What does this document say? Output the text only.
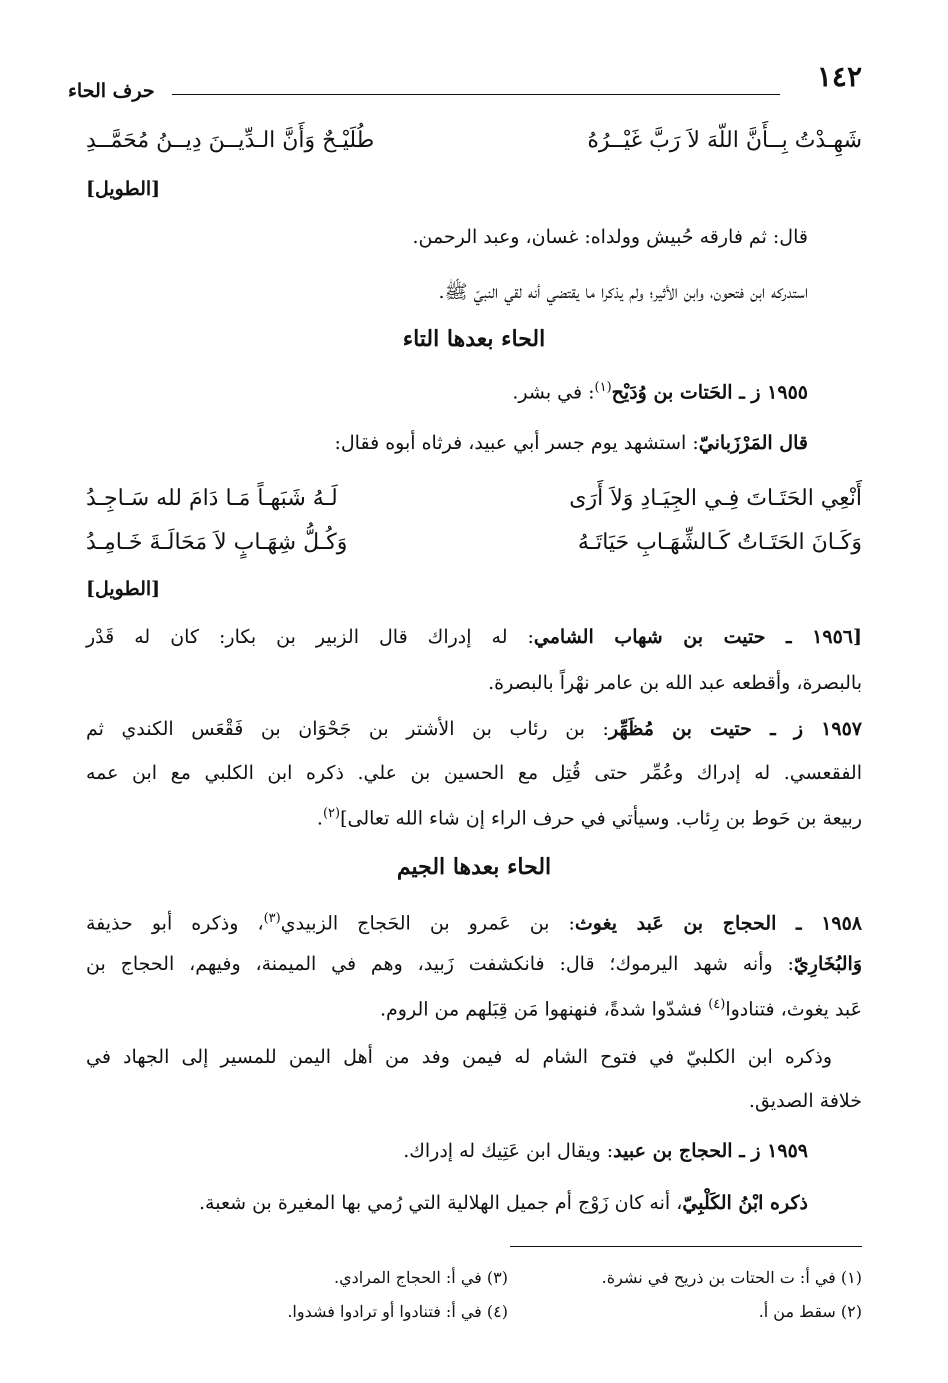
١٤٢
حرف الحاء
شَهِـدْتُ بِــأَنَّ اللّهَ لاَ رَبَّ غَيْــرُهُ
طُلَيْـحٌ وَأَنَّ الـدِّيــنَ دِيــنُ مُحَمَّــدِ
[الطويل]
قال: ثم فارقه حُبيش وولداه: غسان، وعبد الرحمن.
استدركه ابن فتحون، وابن الأثير؛ ولم يذكرا ما يقتضي أنه لقي النبيّ ﷺ.
الحاء بعدها التاء
١٩٥٥ ز ـ الحَتات بن وُدَيْح$^{(١)}$: في بشر.
قال المَرْزَبانيّ: استشهد يوم جسر أبي عبيد، فرثاه أبوه فقال:
أَنْعِي الحَتَـاتَ فِـي الجِيَـادِ وَلاَ أَرَى
لَـهُ شَبَهـاً مَـا دَامَ لله سَـاجِـدُ
وَكَـانَ الحَتَـاتُ كَـالشِّهَـابِ حَيَاتَـهُ
وَكُـلُّ شِهَـابٍ لاَ مَحَالَـةَ خَـامِـدُ
[الطويل]
[١٩٥٦ ـ حتيت بن شهاب الشامي: له إدراك قال الزبير بن بكار: كان له قَدْر
بالبصرة، وأقطعه عبد الله بن عامر نهْراً بالبصرة.
١٩٥٧ ز ـ حتيت بن مُظَهِّر: بن رئاب بن الأشتر بن جَحْوَان بن فَقْعَس الكندي ثم
الفقعسي. له إدراك وعُمِّر حتى قُتِل مع الحسين بن علي. ذكره ابن الكلبي مع ابن عمه
ربيعة بن حَوط بن رِئاب. وسيأتي في حرف الراء إن شاء الله تعالى]$^{(٢)}$.
الحاء بعدها الجيم
١٩٥٨ ـ الحجاج بن عَبد يغوث: بن عَمرو بن الحَجاج الزبيدي$^{(٣)}$، وذكره أبو حذيفة
وَالبُخَارِيّ: وأنه شهد اليرموك؛ قال: فانكشفت زَبيد، وهم في الميمنة، وفيهم، الحجاج بن
عَبد يغوث، فتنادوا$^{(٤)}$ فشدّوا شدةً، فنهنهوا مَن قِبَلهم من الروم.
وذكره ابن الكلبيّ في فتوح الشام له فيمن وفد من أهل اليمن للمسير إلى الجهاد في
خلافة الصديق.
١٩٥٩ ز ـ الحجاج بن عبيد: ويقال ابن عَتِيك له إدراك.
ذكره ابْنُ الكَلْبِيّ، أنه كان زَوْج أم جميل الهلالية التي رُمي بها المغيرة بن شعبة.
(١) في أ: ت الحتات بن ذريح في نشرة.
(٢) سقط من أ.
(٣) في أ: الحجاج المرادي.
(٤) في أ: فتنادوا أو ترادوا فشدوا.
